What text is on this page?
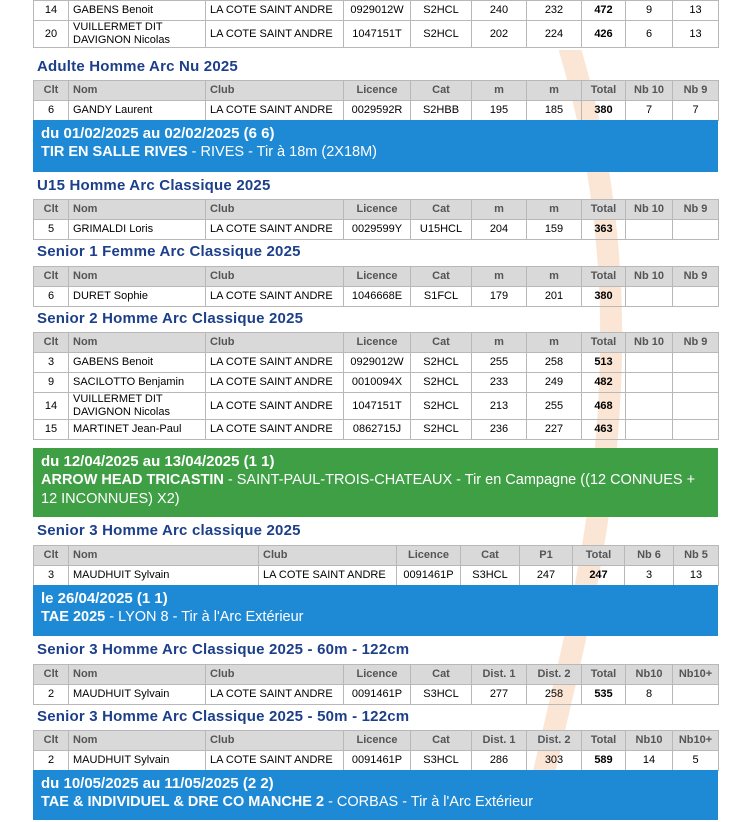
14	GABENS Benoit	LA COTE SAINT ANDRE	0929012W	S2HCL	240	232	472	9	13
20	VUILLERMET DIT DAVIGNON Nicolas	LA COTE SAINT ANDRE	1047151T	S2HCL	202	224	426	6	13
Adulte Homme Arc Nu 2025
Clt	Nom	Club	Licence	Cat	m	m	Total	Nb 10	Nb 9
6	GANDY Laurent	LA COTE SAINT ANDRE	0029592R	S2HBB	195	185	380	7	7
du 01/02/2025 au 02/02/2025 (6 6)
TIR EN SALLE RIVES - RIVES - Tir à 18m (2X18M)
U15 Homme Arc Classique 2025
Clt	Nom	Club	Licence	Cat	m	m	Total	Nb 10	Nb 9
5	GRIMALDI Loris	LA COTE SAINT ANDRE	0029599Y	U15HCL	204	159	363		
Senior 1 Femme Arc Classique 2025
Clt	Nom	Club	Licence	Cat	m	m	Total	Nb 10	Nb 9
6	DURET Sophie	LA COTE SAINT ANDRE	1046668E	S1FCL	179	201	380		
Senior 2 Homme Arc Classique 2025
Clt	Nom	Club	Licence	Cat	m	m	Total	Nb 10	Nb 9
3	GABENS Benoit	LA COTE SAINT ANDRE	0929012W	S2HCL	255	258	513		
9	SACILOTTO Benjamin	LA COTE SAINT ANDRE	0010094X	S2HCL	233	249	482		
14	VUILLERMET DIT DAVIGNON Nicolas	LA COTE SAINT ANDRE	1047151T	S2HCL	213	255	468		
15	MARTINET Jean-Paul	LA COTE SAINT ANDRE	0862715J	S2HCL	236	227	463		
du 12/04/2025 au 13/04/2025 (1 1)
ARROW HEAD TRICASTIN - SAINT-PAUL-TROIS-CHATEAUX - Tir en Campagne ((12 CONNUES + 12 INCONNUES) X2)
Senior 3 Homme Arc classique 2025
Clt	Nom	Club	Licence	Cat	P1	Total	Nb 6	Nb 5
3	MAUDHUIT Sylvain	LA COTE SAINT ANDRE	0091461P	S3HCL	247	247	3	13
le 26/04/2025 (1 1)
TAE 2025 - LYON 8 - Tir à l'Arc Extérieur
Senior 3 Homme Arc Classique 2025 - 60m - 122cm
Clt	Nom	Club	Licence	Cat	Dist. 1	Dist. 2	Total	Nb10	Nb10+
2	MAUDHUIT Sylvain	LA COTE SAINT ANDRE	0091461P	S3HCL	277	258	535	8	
Senior 3 Homme Arc Classique 2025 - 50m - 122cm
Clt	Nom	Club	Licence	Cat	Dist. 1	Dist. 2	Total	Nb10	Nb10+
2	MAUDHUIT Sylvain	LA COTE SAINT ANDRE	0091461P	S3HCL	286	303	589	14	5
du 10/05/2025 au 11/05/2025 (2 2)
TAE & INDIVIDUEL & DRE CO MANCHE 2 - CORBAS - Tir à l'Arc Extérieur
